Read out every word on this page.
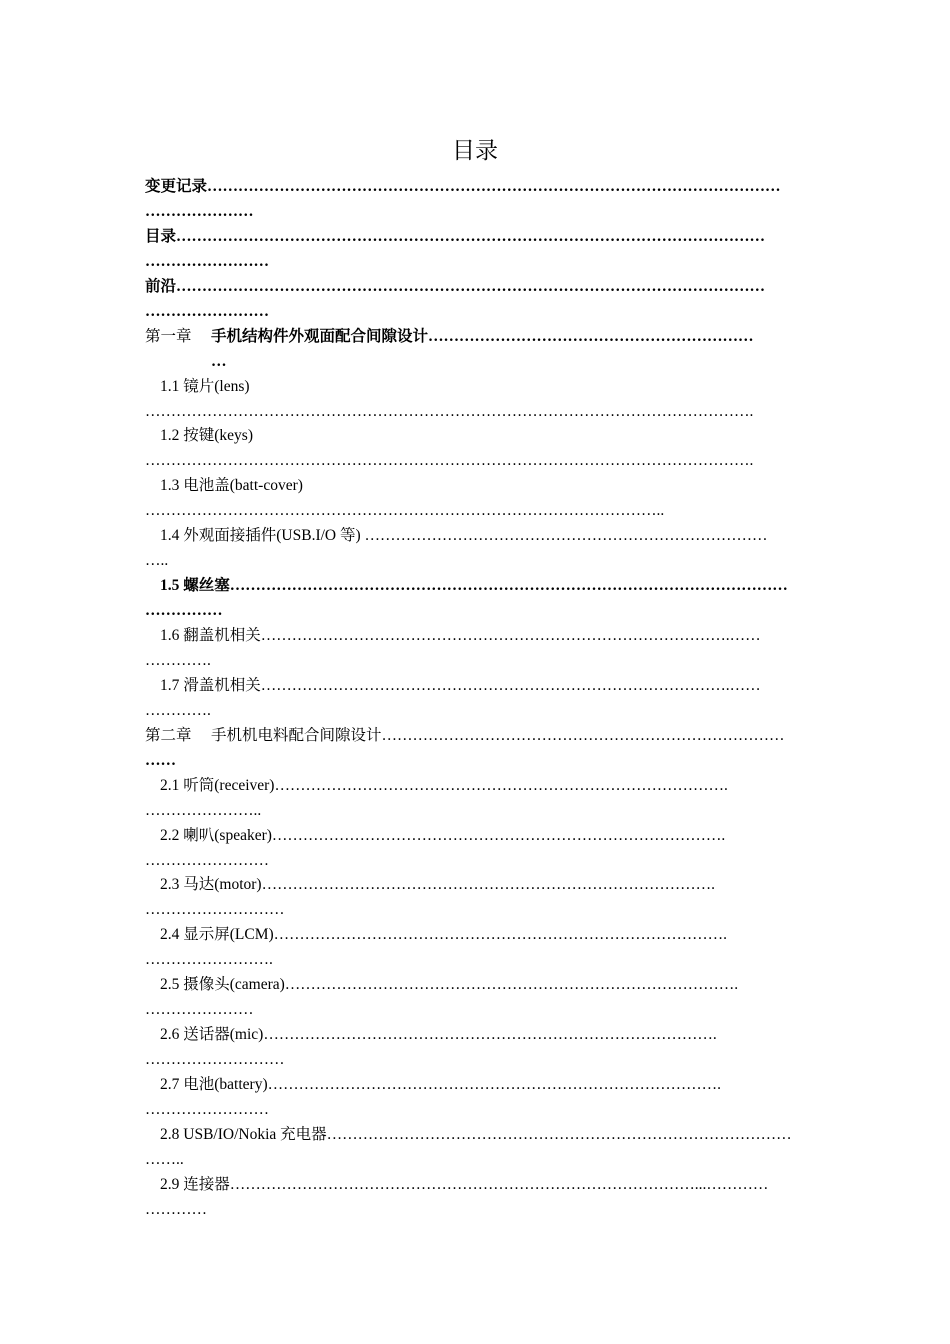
目录
变更记录…………………………………………………………………………………………………
…………………
目录……………………………………………………………………………………………………
……………………
前沿……………………………………………………………………………………………………
……………………
第一章 手机结构件外观面配合间隙设计………………………………………………………
…
1.1 镜片(lens)
……………………………………………………………………………………………………….
1.2 按键(keys)
……………………………………………………………………………………………………….
1.3 电池盖(batt-cover)
………………………………………………………………………………………..
1.4 外观面接插件(USB.I/O 等) ……………………………………………………………………
…..
1.5 螺丝塞………………………………………………………………………………………………
……………
1.6 翻盖机相关……………………………………………………………………………….……
………….
1.7 滑盖机相关……………………………………………………………………………….……
………….
第二章 手机机电料配合间隙设计……………………………………………………………………
……
2.1 听筒(receiver)…………………………………………………………………………….
…………………..
2.2 喇叭(speaker)…………………………………………………………………………….
……………………
2.3 马达(motor)…………………………………………………………………………….
………………………
2.4 显示屏(LCM)…………………………………………………………………………….
…………………….
2.5 摄像头(camera)…………………………………………………………………………….
…………………
2.6 送话器(mic)…………………………………………………………………………….
………………………
2.7 电池(battery)…………………………………………………………………………….
……………………
2.8 USB/IO/Nokia 充电器………………………………………………………………………………
……..
2.9 连接器………………………………………………………………………………...…………
…………
